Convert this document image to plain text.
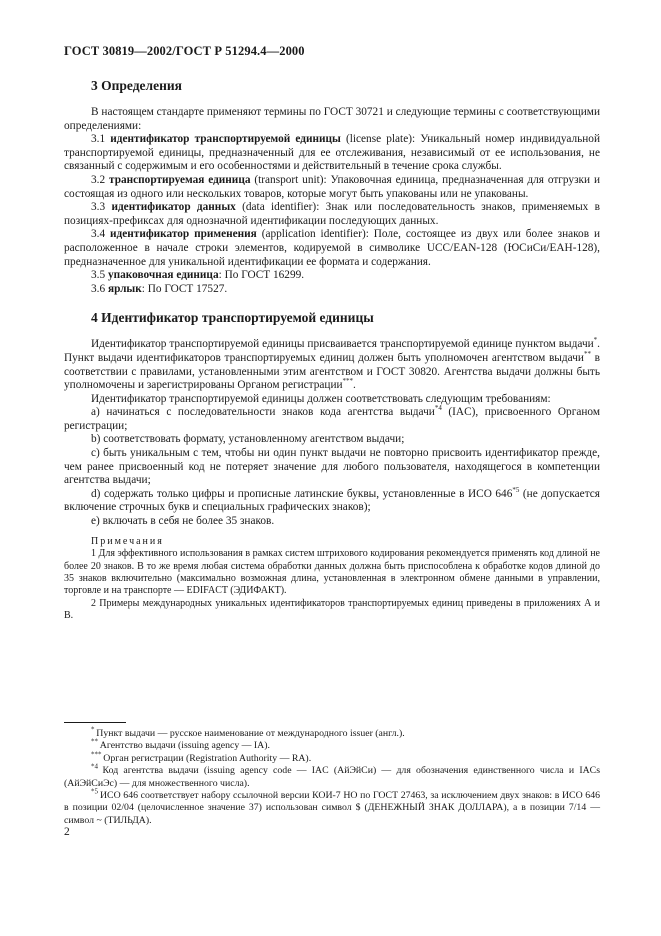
ГОСТ 30819—2002/ГОСТ Р 51294.4—2000
3 Определения

В настоящем стандарте применяют термины по ГОСТ 30721 и следующие термины с соответствующими определениями:

3.1 идентификатор транспортируемой единицы (license plate): Уникальный номер индивидуальной транспортируемой единицы, предназначенный для ее отслеживания, независимый от ее использования, не связанный с содержимым и его особенностями и действительный в течение срока службы.

3.2 транспортируемая единица (transport unit): Упаковочная единица, предназначенная для отгрузки и состоящая из одного или нескольких товаров, которые могут быть упакованы или не упакованы.

3.3 идентификатор данных (data identifier): Знак или последовательность знаков, применяемых в позициях-префиксах для однозначной идентификации последующих данных.

3.4 идентификатор применения (application identifier): Поле, состоящее из двух или более знаков и расположенное в начале строки элементов, кодируемой в символике UCC/EAN-128 (ЮСиСи/ЕАН-128), предназначенное для уникальной идентификации ее формата и содержания.

3.5 упаковочная единица: По ГОСТ 16299.

3.6 ярлык: По ГОСТ 17527.

4 Идентификатор транспортируемой единицы

Идентификатор транспортируемой единицы присваивается транспортируемой единице пунктом выдачи*. Пункт выдачи идентификаторов транспортируемых единиц должен быть уполномочен агентством выдачи** в соответствии с правилами, установленными этим агентством и ГОСТ 30820. Агентства выдачи должны быть уполномочены и зарегистрированы Органом регистрации***.

Идентификатор транспортируемой единицы должен соответствовать следующим требованиям:

а) начинаться с последовательности знаков кода агентства выдачи$^{*4}$ (IAC), присвоенного Органом регистрации;

b) соответствовать формату, установленному агентством выдачи;

c) быть уникальным с тем, чтобы ни один пункт выдачи не повторно присвоить идентификатор прежде, чем ранее присвоенный код не потеряет значение для любого пользователя, находящегося в компетенции агентства выдачи;

d) содержать только цифры и прописные латинские буквы, установленные в ИСО 646$^{*5}$ (не допускается включение строчных букв и специальных графических знаков);

e) включать в себя не более 35 знаков.

Примечания

1 Для эффективного использования в рамках систем штрихового кодирования рекомендуется применять код длиной не более 20 знаков. В то же время любая система обработки данных должна быть приспособлена к обработке кодов длиной до 35 знаков включительно (максимально возможная длина, установленная в электронном обмене данными в управлении, торговле и на транспорте — EDIFACT (ЭДИФАКТ).

2 Примеры международных уникальных идентификаторов транспортируемых единиц приведены в приложениях А и В.

* Пункт выдачи — русское наименование от международного issuer (англ.).

** Агентство выдачи (issuing agency — IA).

*** Орган регистрации (Registration Authority — RA).

$^{*4}$ Код агентства выдачи (issuing agency code — IAC (АйЭйСи) — для обозначения единственного числа и IACs (АйЭйСиЭс) — для множественного числа).

$^{*5}$ ИСО 646 соответствует набору ссылочной версии КОИ-7 НО по ГОСТ 27463, за исключением двух знаков: в ИСО 646 в позиции 02/04 (целочисленное значение 37) использован символ $ (ДЕНЕЖНЫЙ ЗНАК ДОЛЛАРА), а в позиции 7/14 — символ ~ (ТИЛЬДА).

2
